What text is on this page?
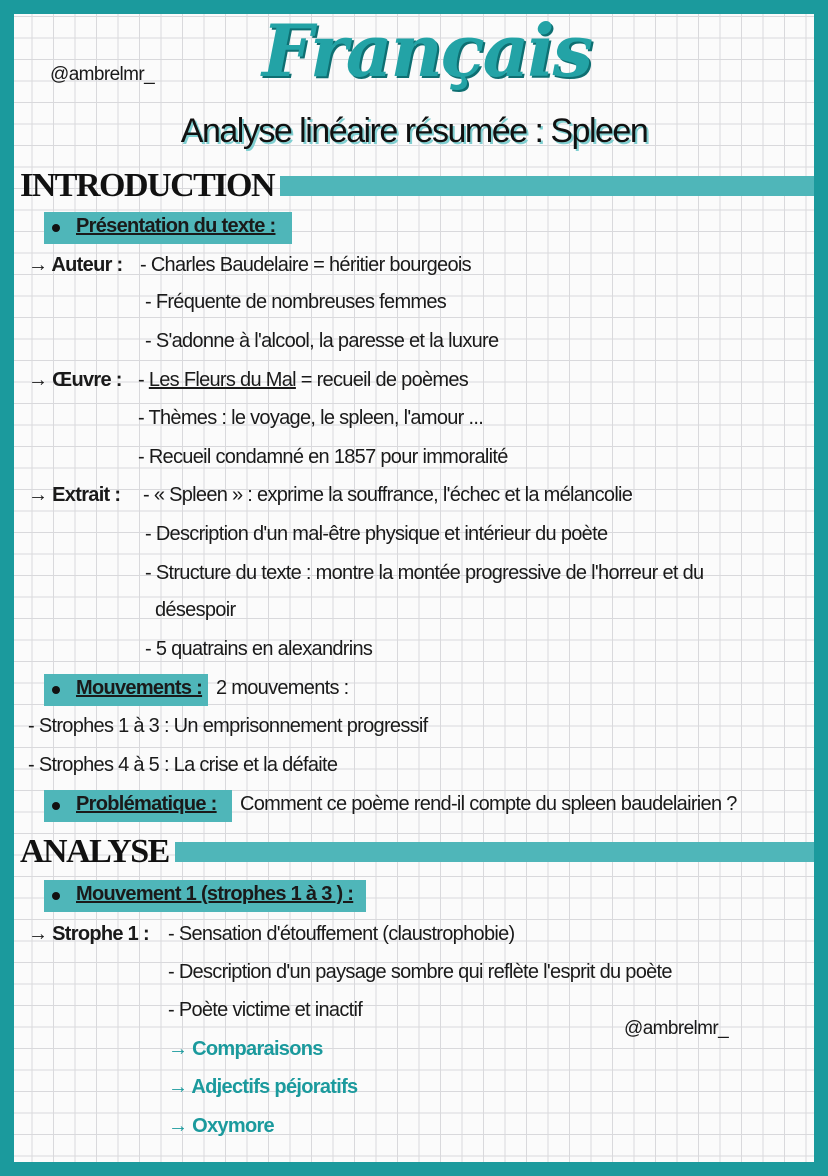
@ambrelmr_ Français
Analyse linéaire résumée : Spleen
INTRODUCTION
Présentation du texte :
→ Auteur : - Charles Baudelaire = héritier bourgeois
- Fréquente de nombreuses femmes
- S'adonne à l'alcool, la paresse et la luxure
→ Œuvre : - Les Fleurs du Mal = recueil de poèmes
- Thèmes : le voyage, le spleen, l'amour ...
- Recueil condamné en 1857 pour immoralité
→ Extrait : - « Spleen » : exprime la souffrance, l'échec et la mélancolie
- Description d'un mal-être physique et intérieur du poète
- Structure du texte : montre la montée progressive de l'horreur et du
désespoir
- 5 quatrains en alexandrins
Mouvements : 2 mouvements :
- Strophes 1 à 3 : Un emprisonnement progressif
- Strophes 4 à 5 : La crise et la défaite
Problématique : Comment ce poème rend-il compte du spleen baudelairien ?
ANALYSE
Mouvement 1 (strophes 1 à 3 ) :
→ Strophe 1 : - Sensation d'étouffement (claustrophobie)
- Description d'un paysage sombre qui reflète l'esprit du poète
- Poète victime et inactif
→ Comparaisons
→ Adjectifs péjoratifs
→ Oxymore
@ambrelmr_
